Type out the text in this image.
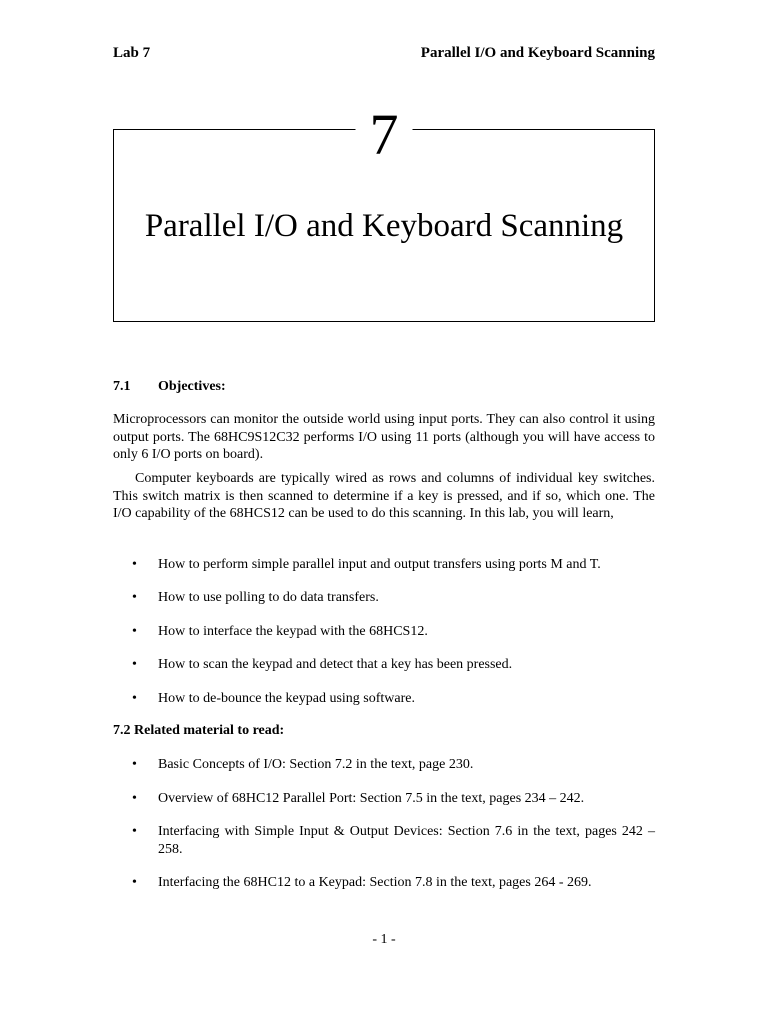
Lab 7	Parallel I/O and Keyboard Scanning
7
Parallel I/O and Keyboard Scanning
7.1 Objectives:
Microprocessors can monitor the outside world using input ports. They can also control it using output ports. The 68HC9S12C32 performs I/O using 11 ports (although you will have access to only 6 I/O ports on board).
Computer keyboards are typically wired as rows and columns of individual key switches. This switch matrix is then scanned to determine if a key is pressed, and if so, which one. The I/O capability of the 68HCS12 can be used to do this scanning. In this lab, you will learn,
• How to perform simple parallel input and output transfers using ports M and T.
• How to use polling to do data transfers.
• How to interface the keypad with the 68HCS12.
• How to scan the keypad and detect that a key has been pressed.
• How to de-bounce the keypad using software.
7.2 Related material to read:
• Basic Concepts of I/O: Section 7.2 in the text, page 230.
• Overview of 68HC12 Parallel Port: Section 7.5 in the text, pages 234 – 242.
• Interfacing with Simple Input & Output Devices: Section 7.6 in the text, pages 242 – 258.
• Interfacing the 68HC12 to a Keypad: Section 7.8 in the text, pages 264 - 269.
- 1 -
